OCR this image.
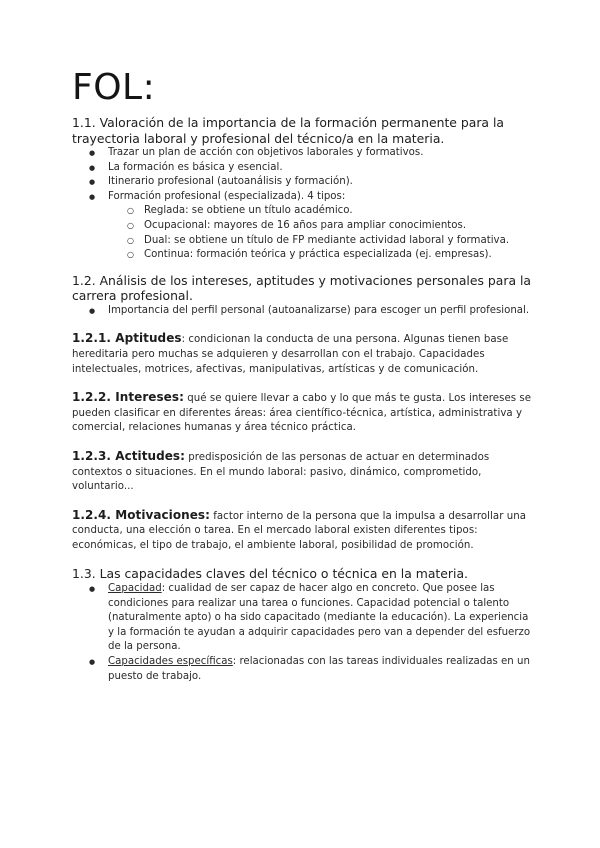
FOL:

1.1. Valoración de la importancia de la formación permanente para la trayectoria laboral y profesional del técnico/a en la materia.

● Trazar un plan de acción con objetivos laborales y formativos.
● La formación es básica y esencial.
● Itinerario profesional (autoanálisis y formación).
● Formación profesional (especializada). 4 tipos:
○ Reglada: se obtiene un título académico.
○ Ocupacional: mayores de 16 años para ampliar conocimientos.
○ Dual: se obtiene un título de FP mediante actividad laboral y formativa.
○ Continua: formación teórica y práctica especializada (ej. empresas).

1.2. Análisis de los intereses, aptitudes y motivaciones personales para la carrera profesional.

● Importancia del perfil personal (autoanalizarse) para escoger un perfil profesional.

1.2.1. Aptitudes: condicionan la conducta de una persona. Algunas tienen base hereditaria pero muchas se adquieren y desarrollan con el trabajo. Capacidades intelectuales, motrices, afectivas, manipulativas, artísticas y de comunicación.

1.2.2. Intereses: qué se quiere llevar a cabo y lo que más te gusta. Los intereses se pueden clasificar en diferentes áreas: área científico-técnica, artística, administrativa y comercial, relaciones humanas y área técnico práctica.

1.2.3. Actitudes: predisposición de las personas de actuar en determinados contextos o situaciones. En el mundo laboral: pasivo, dinámico, comprometido, voluntario...

1.2.4. Motivaciones: factor interno de la persona que la impulsa a desarrollar una conducta, una elección o tarea. En el mercado laboral existen diferentes tipos: económicas, el tipo de trabajo, el ambiente laboral, posibilidad de promoción.

1.3. Las capacidades claves del técnico o técnica en la materia.

● Capacidad: cualidad de ser capaz de hacer algo en concreto. Que posee las condiciones para realizar una tarea o funciones. Capacidad potencial o talento (naturalmente apto) o ha sido capacitado (mediante la educación). La experiencia y la formación te ayudan a adquirir capacidades pero van a depender del esfuerzo de la persona.
● Capacidades específicas: relacionadas con las tareas individuales realizadas en un puesto de trabajo.
